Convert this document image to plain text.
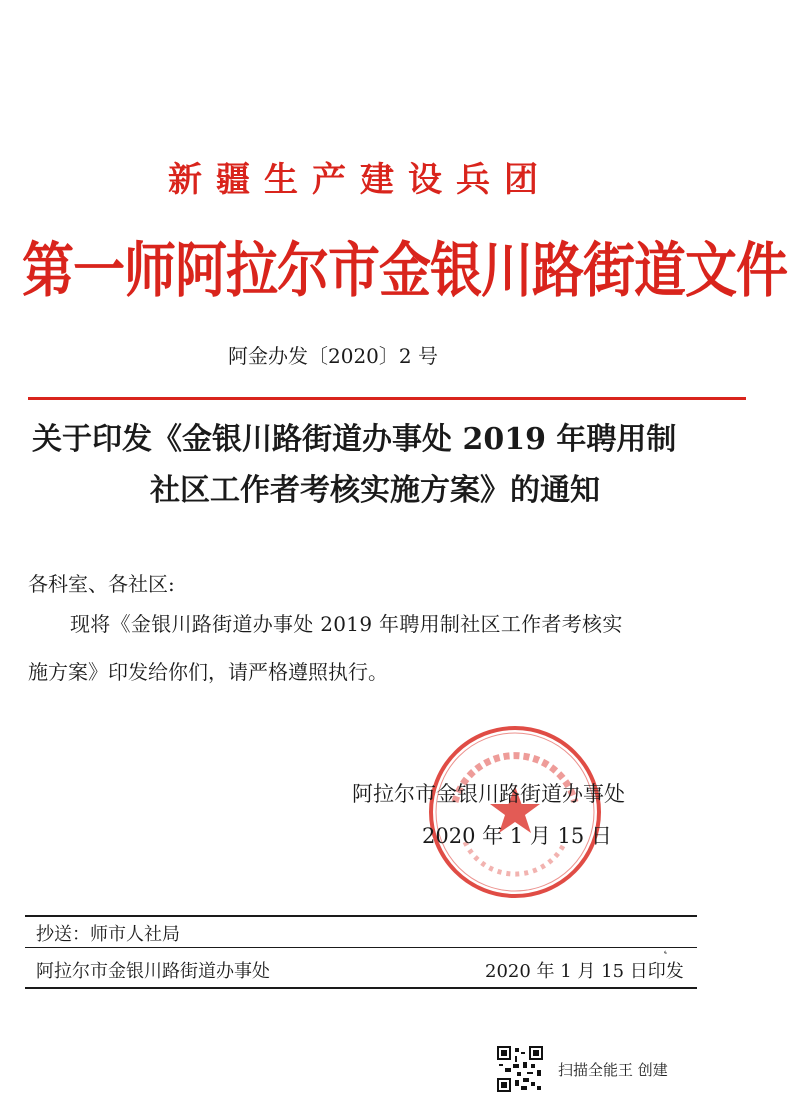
新疆生产建设兵团
第一师阿拉尔市金银川路街道文件
阿金办发〔2020〕2 号
关于印发《金银川路街道办事处 2019 年聘用制
社区工作者考核实施方案》的通知
各科室、各社区:
现将《金银川路街道办事处 2019 年聘用制社区工作者考核实
施方案》印发给你们，请严格遵照执行。
阿拉尔市金银川路街道办事处
2020 年 1 月 15 日
抄送：师市人社局
阿拉尔市金银川路街道办事处	2020 年 1 月 15 日印发
扫描全能王 创建
